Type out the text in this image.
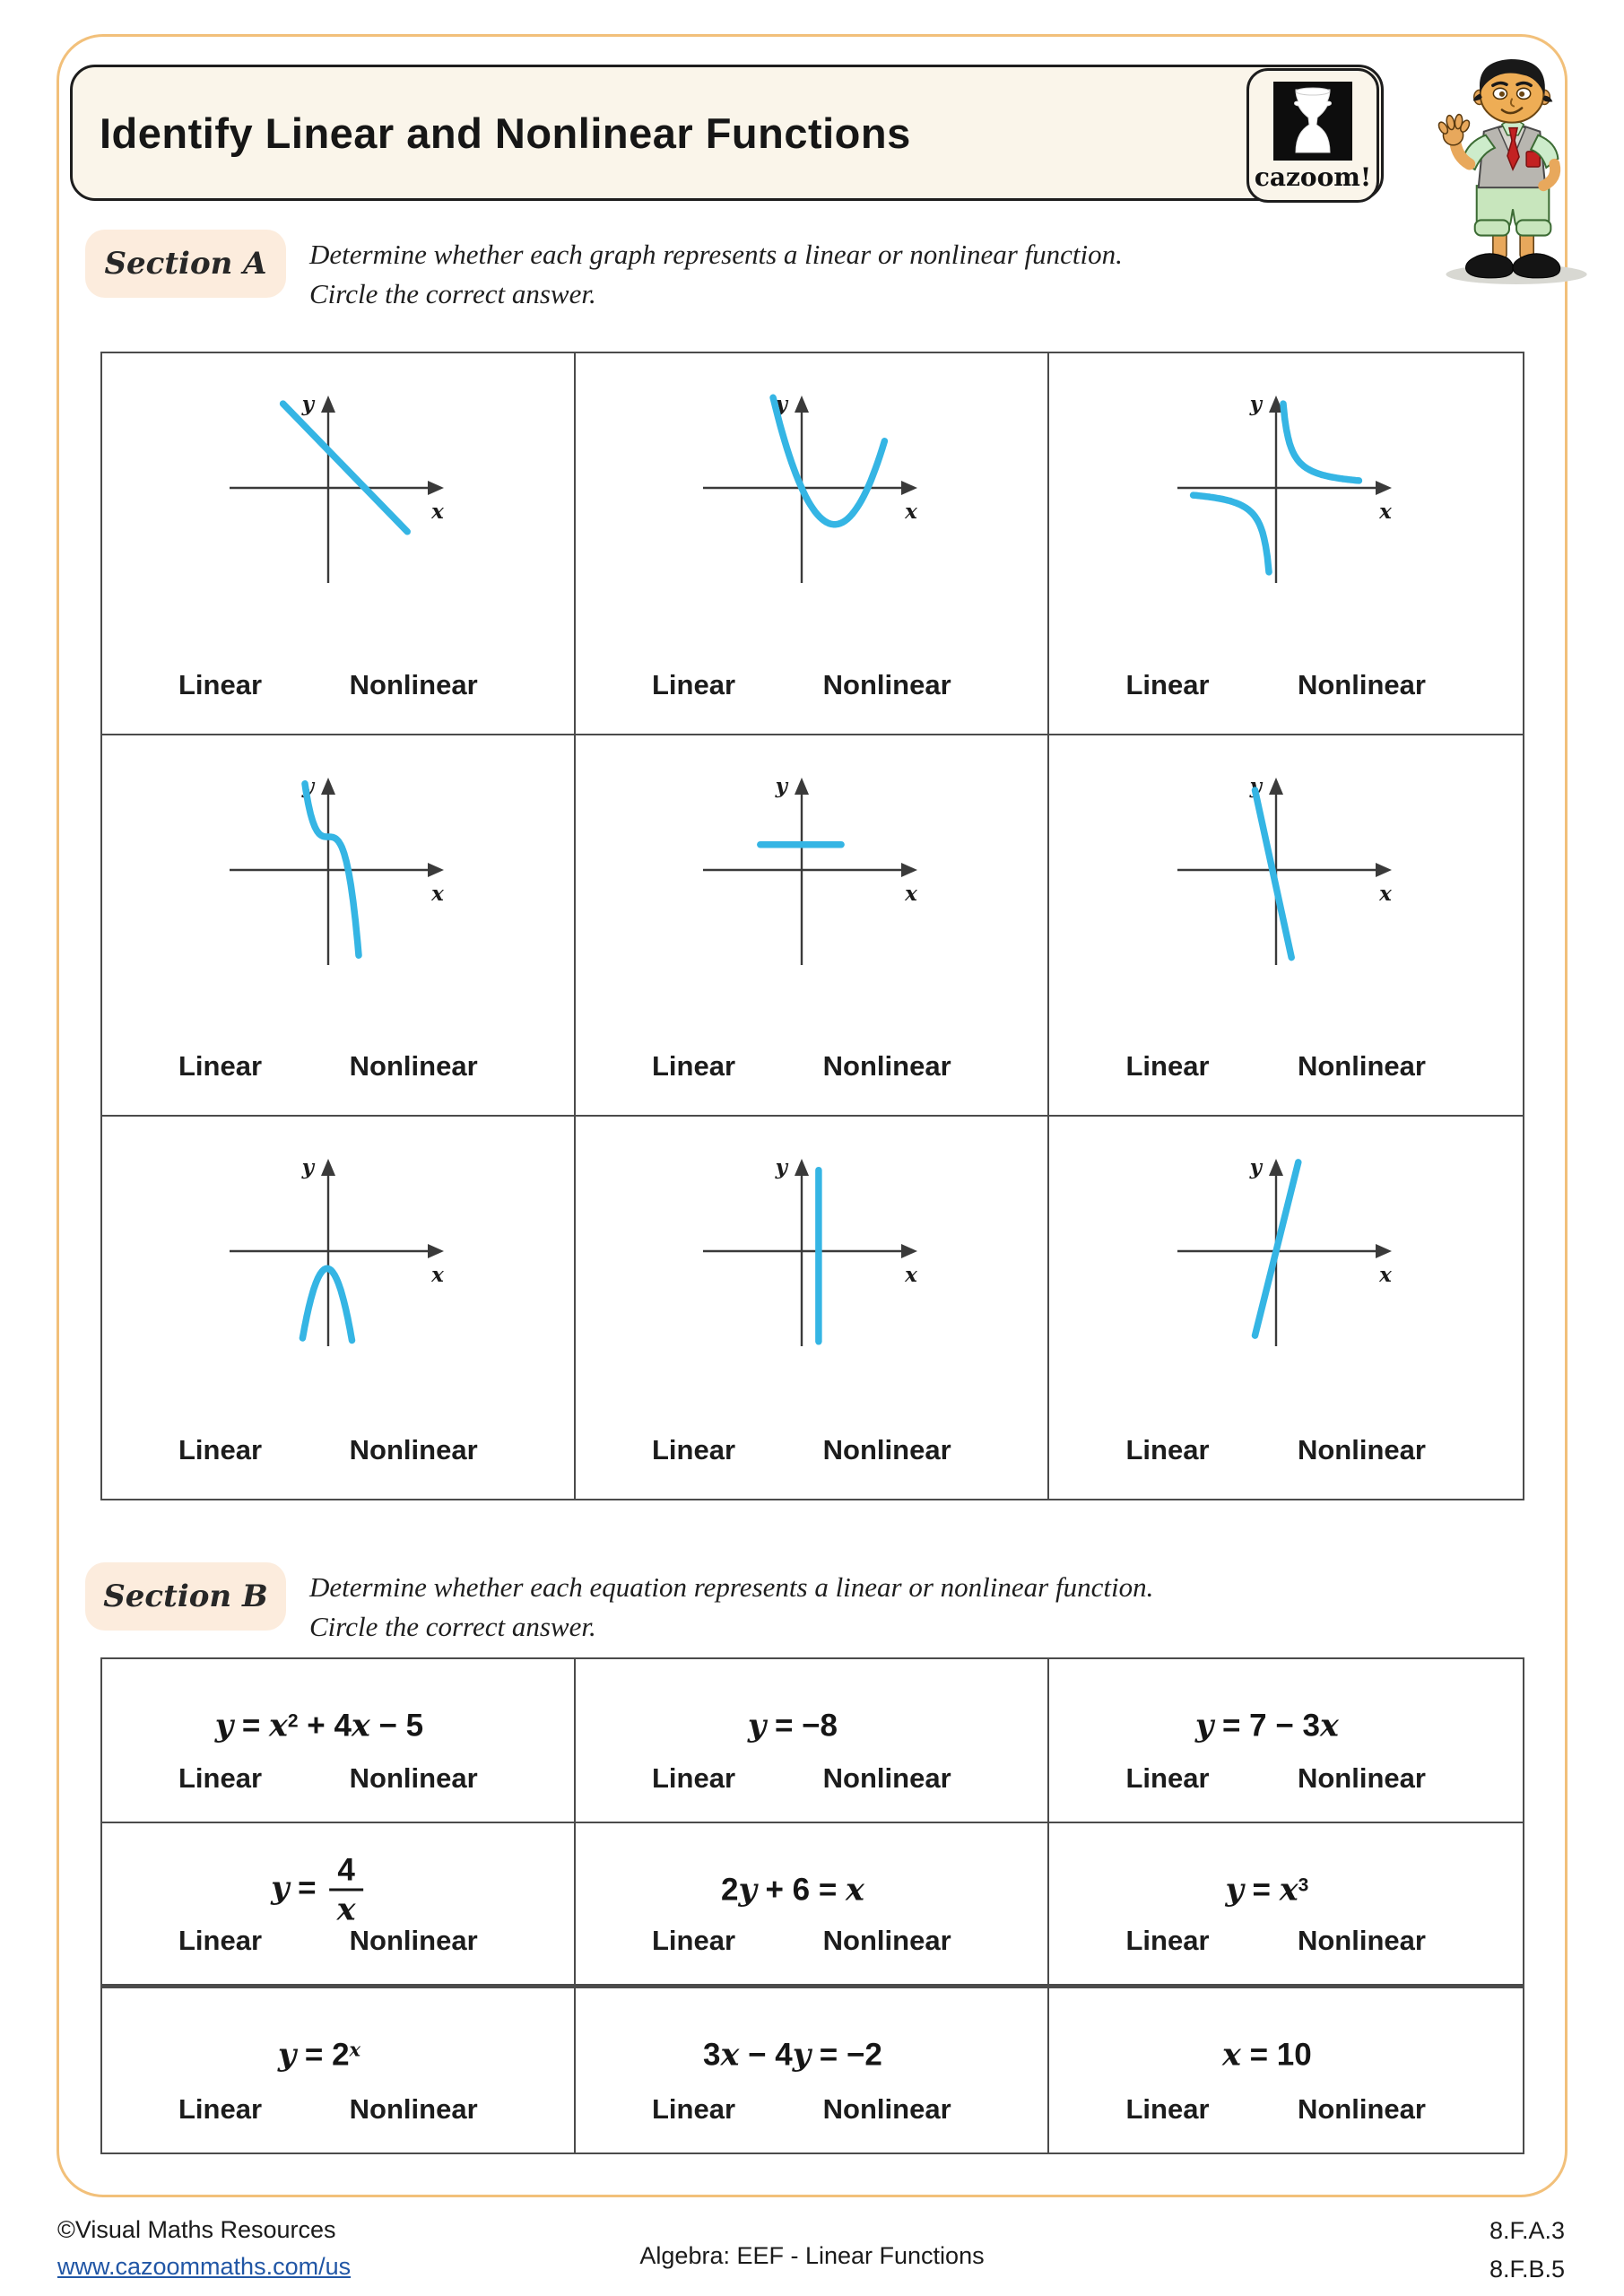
Identify Linear and Nonlinear Functions
cazoom!
Section A Determine whether each graph represents a linear or nonlinear function.
Circle the correct answer.
y
x
Linear	Nonlinear
y
x
Linear	Nonlinear
y
x
Linear	Nonlinear
y
x
Linear	Nonlinear
y
x
Linear	Nonlinear
y
x
Linear	Nonlinear
y
x
Linear	Nonlinear
y
x
Linear	Nonlinear
y
x
Linear	Nonlinear
Section B Determine whether each equation represents a linear or nonlinear function.
Circle the correct answer.
$y = x^2 + 4x - 5$
Linear	Nonlinear
y = −8
Linear	Nonlinear
y = 7 − 3x
Linear	Nonlinear
$y = \frac{4}{x}$
Linear	Nonlinear
2y + 6 = x
Linear	Nonlinear
$y = x^3$
Linear	Nonlinear
$y = 2^x$
Linear	Nonlinear
3x − 4y = −2
Linear	Nonlinear
x = 10
Linear	Nonlinear
©Visual Maths Resources
www.cazoommaths.com/us	Algebra: EEF - Linear Functions
8.F.A.3
8.F.B.5
